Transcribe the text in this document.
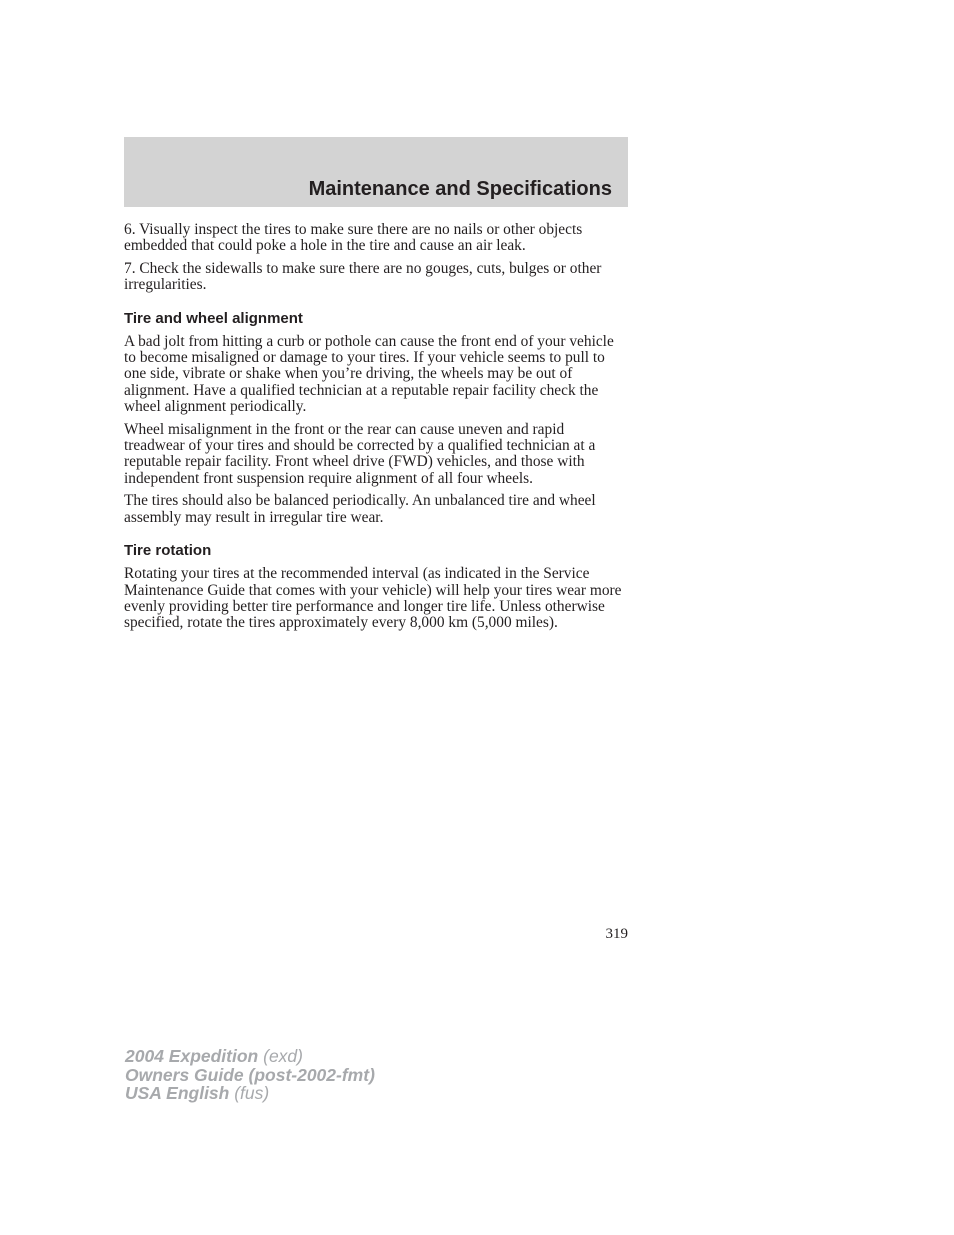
Maintenance and Specifications

6. Visually inspect the tires to make sure there are no nails or other objects embedded that could poke a hole in the tire and cause an air leak.

7. Check the sidewalls to make sure there are no gouges, cuts, bulges or other irregularities.

Tire and wheel alignment

A bad jolt from hitting a curb or pothole can cause the front end of your vehicle to become misaligned or damage to your tires. If your vehicle seems to pull to one side, vibrate or shake when you’re driving, the wheels may be out of alignment. Have a qualified technician at a reputable repair facility check the wheel alignment periodically.

Wheel misalignment in the front or the rear can cause uneven and rapid treadwear of your tires and should be corrected by a qualified technician at a reputable repair facility. Front wheel drive (FWD) vehicles, and those with independent front suspension require alignment of all four wheels.

The tires should also be balanced periodically. An unbalanced tire and wheel assembly may result in irregular tire wear.

Tire rotation

Rotating your tires at the recommended interval (as indicated in the Service Maintenance Guide that comes with your vehicle) will help your tires wear more evenly providing better tire performance and longer tire life. Unless otherwise specified, rotate the tires approximately every 8,000 km (5,000 miles).

319
2004 Expedition (exd)
Owners Guide (post-2002-fmt)
USA English (fus)
